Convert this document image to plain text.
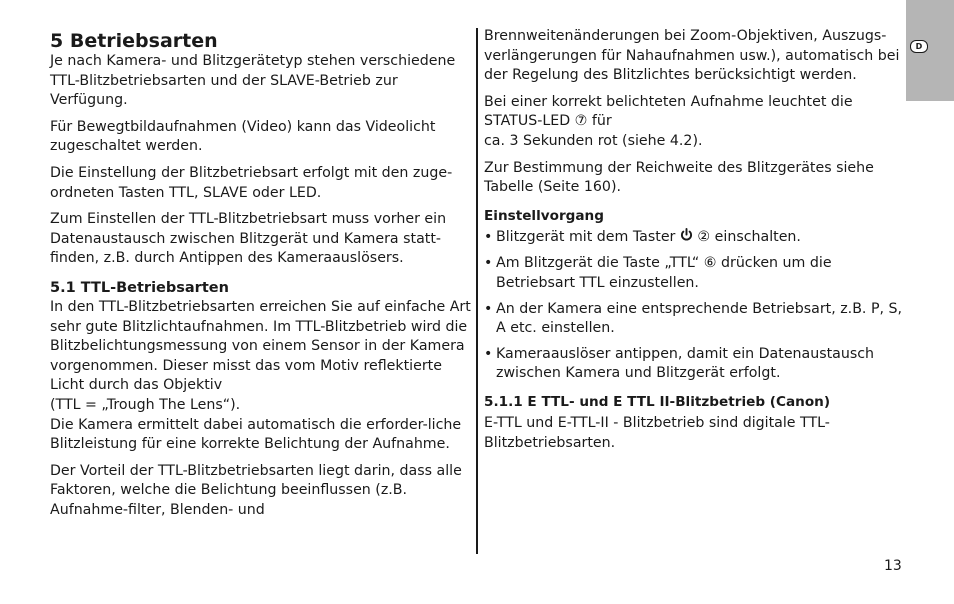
D
5 Betriebsarten

Je nach Kamera- und Blitzgerätetyp stehen verschiedene TTL-Blitzbetriebsarten und der SLAVE-Betrieb zur Verfügung.

Für Bewegtbildaufnahmen (Video) kann das Videolicht zugeschaltet werden.

Die Einstellung der Blitzbetriebsart erfolgt mit den zuge-ordneten Tasten TTL, SLAVE oder LED.

Zum Einstellen der TTL-Blitzbetriebsart muss vorher ein Datenaustausch zwischen Blitzgerät und Kamera statt-finden, z.B. durch Antippen des Kameraauslösers.

5.1 TTL-Betriebsarten

In den TTL-Blitzbetriebsarten erreichen Sie auf einfache Art sehr gute Blitzlichtaufnahmen. Im TTL-Blitzbetrieb wird die Blitzbelichtungsmessung von einem Sensor in der Kamera vorgenommen. Dieser misst das vom Motiv reflektierte Licht durch das Objektiv

(TTL = „Trough The Lens“).

Die Kamera ermittelt dabei automatisch die erforder-liche Blitzleistung für eine korrekte Belichtung der Aufnahme.

Der Vorteil der TTL-Blitzbetriebsarten liegt darin, dass alle Faktoren, welche die Belichtung beeinflussen (z.B. Aufnahme-filter, Blenden- und

Brennweitenänderungen bei Zoom-Objektiven, Auszugs-verlängerungen für Nahaufnahmen usw.), automatisch bei der Regelung des Blitzlichtes berücksichtigt werden.

Bei einer korrekt belichteten Aufnahme leuchtet die STATUS-LED ⑦ für

ca. 3 Sekunden rot (siehe 4.2).

Zur Bestimmung der Reichweite des Blitzgerätes siehe Tabelle (Seite 160).

Einstellvorgang
• Blitzgerät mit dem Taster ② einschalten.
• Am Blitzgerät die Taste „TTL“ ⑥ drücken um die Betriebsart TTL einzustellen.
• An der Kamera eine entsprechende Betriebsart, z.B. P, S, A etc. einstellen.
• Kameraauslöser antippen, damit ein Datenaustausch zwischen Kamera und Blitzgerät erfolgt.
5.1.1 E TTL- und E TTL II-Blitzbetrieb (Canon)

E-TTL und E-TTL-II - Blitzbetrieb sind digitale TTL-Blitzbetriebsarten.

13
